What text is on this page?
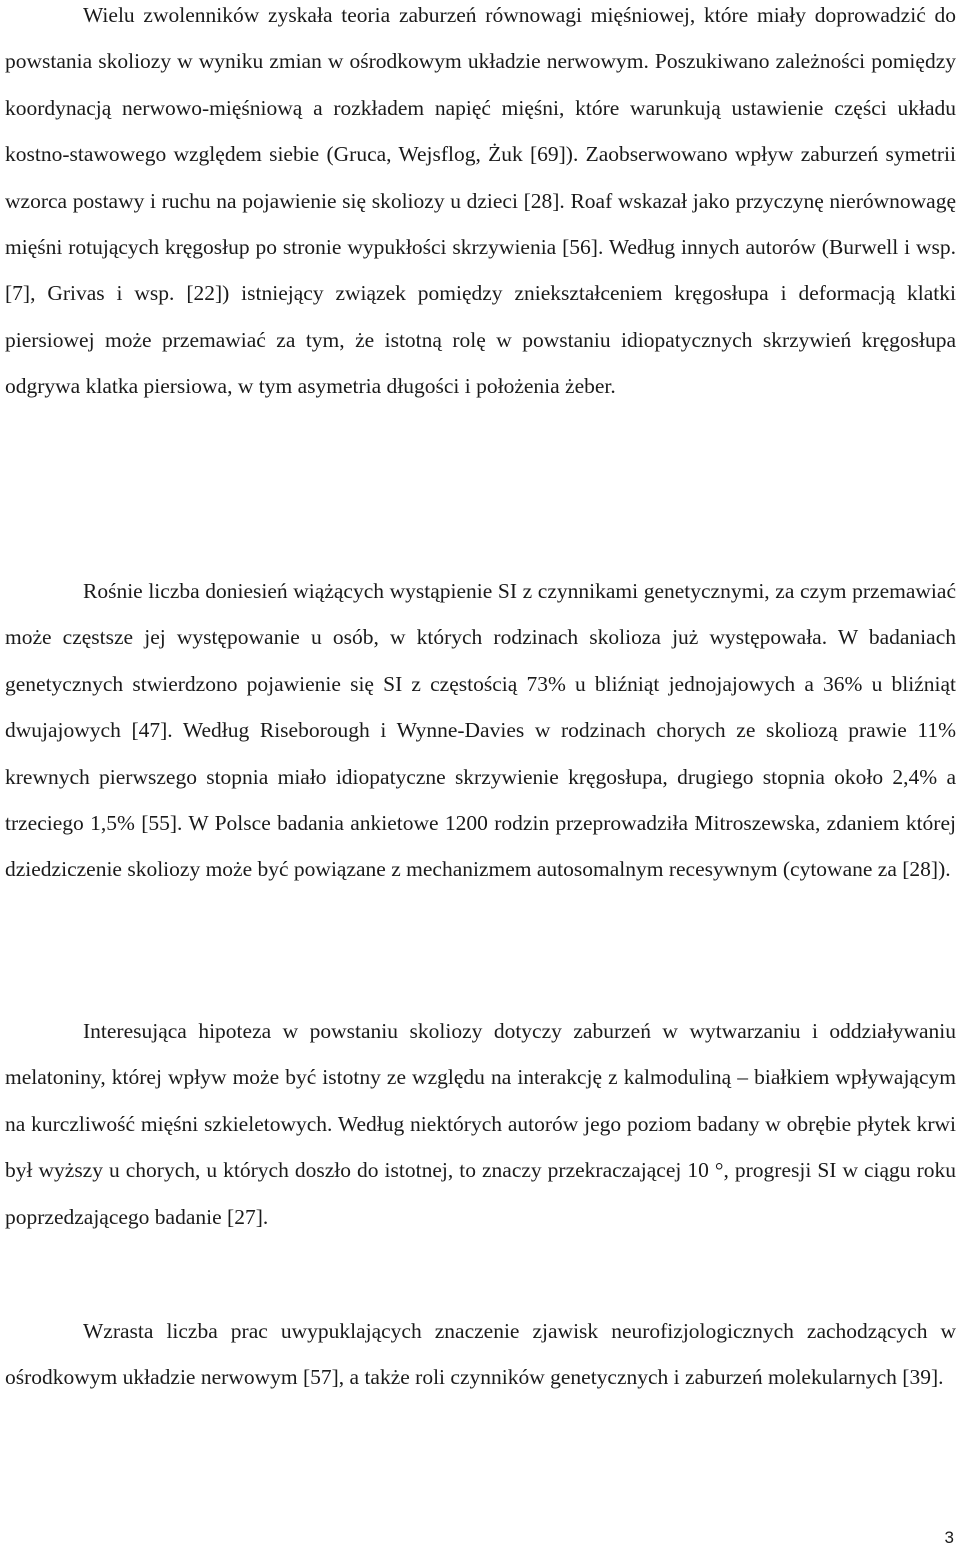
Wielu zwolenników zyskała teoria zaburzeń równowagi mięśniowej, które miały doprowadzić do powstania skoliozy w wyniku zmian w ośrodkowym układzie nerwowym. Poszukiwano zależności pomiędzy koordynacją nerwowo-mięśniową a rozkładem napięć mięśni, które warunkują ustawienie części układu kostno-stawowego względem siebie (Gruca, Wejsflog, Żuk [69]). Zaobserwowano wpływ zaburzeń symetrii wzorca postawy i ruchu na pojawienie się skoliozy u dzieci [28]. Roaf wskazał jako przyczynę nierównowagę mięśni rotujących kręgosłup po stronie wypukłości skrzywienia [56]. Według innych autorów (Burwell i wsp. [7], Grivas i wsp. [22]) istniejący związek pomiędzy zniekształceniem kręgosłupa i deformacją klatki piersiowej może przemawiać za tym, że istotną rolę w powstaniu idiopatycznych skrzywień kręgosłupa odgrywa klatka piersiowa, w tym asymetria długości i położenia żeber.

Rośnie liczba doniesień wiążących wystąpienie SI z czynnikami genetycznymi, za czym przemawiać może częstsze jej występowanie u osób, w których rodzinach skolioza już występowała. W badaniach genetycznych stwierdzono pojawienie się SI z częstością 73% u bliźniąt jednojajowych a 36% u bliźniąt dwujajowych [47]. Według Riseborough i Wynne-Davies w rodzinach chorych ze skoliozą prawie 11% krewnych pierwszego stopnia miało idiopatyczne skrzywienie kręgosłupa, drugiego stopnia około 2,4% a trzeciego 1,5% [55]. W Polsce badania ankietowe 1200 rodzin przeprowadziła Mitroszewska, zdaniem której dziedziczenie skoliozy może być powiązane z mechanizmem autosomalnym recesywnym (cytowane za [28]).

Interesująca hipoteza w powstaniu skoliozy dotyczy zaburzeń w wytwarzaniu i oddziaływaniu melatoniny, której wpływ może być istotny ze względu na interakcję z kalmoduliną – białkiem wpływającym na kurczliwość mięśni szkieletowych. Według niektórych autorów jego poziom badany w obrębie płytek krwi był wyższy u chorych, u których doszło do istotnej, to znaczy przekraczającej 10 °, progresji SI w ciągu roku poprzedzającego badanie [27].

Wzrasta liczba prac uwypuklających znaczenie zjawisk neurofizjologicznych zachodzących w ośrodkowym układzie nerwowym [57], a także roli czynników genetycznych i zaburzeń molekularnych [39].

3
